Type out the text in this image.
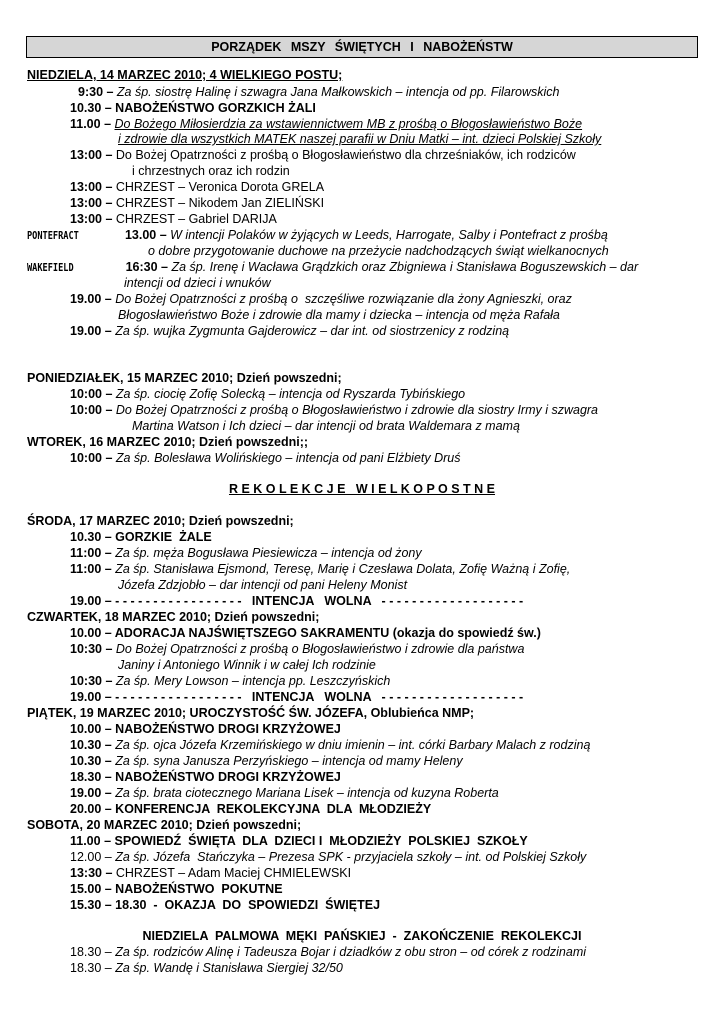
PORZĄDEK MSZY ŚWIĘTYCH I NABOŻEŃSTW
NIEDZIELA, 14 MARZEC 2010; 4 WIELKIEGO POSTU;
9:30 – Za śp. siostrę Halinę i szwagra Jana Małkowskich – intencja od pp. Filarowskich
10.30 – NABOŻEŃSTWO GORZKICH ŻALI
11.00 – Do Bożego Miłosierdzia za wstawiennictwem MB z prośbą o Błogosławieństwo Boże
i zdrowie dla wszystkich MATEK naszej parafii w Dniu Matki – int. dzieci Polskiej Szkoły
13:00 – Do Bożej Opatrzności z prośbą o Błogosławieństwo dla chrześniaków, ich rodziców
i chrzestnych oraz ich rodzin
13:00 – CHRZEST – Veronica Dorota GRELA
13:00 – CHRZEST – Nikodem Jan ZIELIŃSKI
13:00 – CHRZEST – Gabriel DARIJA
PONTEFRACT	13.00 – W intencji Polaków w żyjących w Leeds, Harrogate, Salby i Pontefract z prośbą
o dobre przygotowanie duchowe na przeżycie nadchodzących świąt wielkanocnych
WAKEFIELD	16:30 – Za śp. Irenę i Wacława Grądzkich oraz Zbigniewa i Stanisława Boguszewskich – dar
intencji od dzieci i wnuków
19.00 – Do Bożej Opatrzności z prośbą o  szczęśliwe rozwiązanie dla żony Agnieszki, oraz
Błogosławieństwo Boże i zdrowie dla mamy i dziecka – intencja od męża Rafała
19.00 – Za śp. wujka Zygmunta Gajderowicz – dar int. od siostrzenicy z rodziną
PONIEDZIAŁEK, 15 MARZEC 2010; Dzień powszedni;
10:00 – Za śp. ciocię Zofię Solecką – intencja od Ryszarda Tybińskiego
10:00 – Do Bożej Opatrzności z prośbą o Błogosławieństwo i zdrowie dla siostry Irmy i szwagra
Martina Watson i Ich dzieci – dar intencji od brata Waldemara z mamą
WTOREK, 16 MARZEC 2010; Dzień powszedni;;
10:00 – Za śp. Bolesława Wolińskiego – intencja od pani Elżbiety Druś
R E K O L E K C J E   W I E L K O P O S T N E
ŚRODA, 17 MARZEC 2010; Dzień powszedni;
10.30 – GORZKIE  ŻALE
11:00 – Za śp. męża Bogusława Piesiewicza – intencja od żony
11:00 – Za śp. Stanisława Ejsmond, Teresę, Marię i Czesława Dolata, Zofię Ważną i Zofię,
Józefa Zdzjobło – dar intencji od pani Heleny Monist
19.00 – - - - - - - - - - - - - - - - - -   INTENCJA   WOLNA   - - - - - - - - - - - - - - - - - - -
CZWARTEK, 18 MARZEC 2010; Dzień powszedni;
10.00 – ADORACJA NAJŚWIĘTSZEGO SAKRAMENTU (okazja do spowiedź św.)
10:30 – Do Bożej Opatrzności z prośbą o Błogosławieństwo i zdrowie dla państwa
Janiny i Antoniego Winnik i w całej Ich rodzinie
10:30 – Za śp. Mery Lowson – intencja pp. Leszczyńskich
19.00 – - - - - - - - - - - - - - - - - -   INTENCJA   WOLNA   - - - - - - - - - - - - - - - - - - -
PIĄTEK, 19 MARZEC 2010; UROCZYSTOŚĆ ŚW. JÓZEFA, Oblubieńca NMP;
10.00 – NABOŻEŃSTWO DROGI KRZYŻOWEJ
10.30 – Za śp. ojca Józefa Krzemińskiego w dniu imienin – int. córki Barbary Malach z rodziną
10.30 – Za śp. syna Janusza Perzyńskiego – intencja od mamy Heleny
18.30 – NABOŻEŃSTWO DROGI KRZYŻOWEJ
19.00 – Za śp. brata ciotecznego Mariana Lisek – intencja od kuzyna Roberta
20.00 – KONFERENCJA  REKOLEKCYJNA  DLA  MŁODZIEŻY
SOBOTA, 20 MARZEC 2010; Dzień powszedni;
11.00 – SPOWIEDŹ  ŚWIĘTA  DLA  DZIECI I  MŁODZIEŻY  POLSKIEJ  SZKOŁY
12.00 – Za śp. Józefa  Stańczyka – Prezesa SPK - przyjaciela szkoły – int. od Polskiej Szkoły
13:30 – CHRZEST – Adam Maciej CHMIELEWSKI
15.00 – NABOŻEŃSTWO  POKUTNE
15.30 – 18.30  -  OKAZJA  DO  SPOWIEDZI  ŚWIĘTEJ
NIEDZIELA  PALMOWA  MĘKI  PAŃSKIEJ  -  ZAKOŃCZENIE  REKOLEKCJI
18.30 – Za śp. rodziców Alinę i Tadeusza Bojar i dziadków z obu stron – od córek z rodzinami
18.30 – Za śp. Wandę i Stanisława Siergiej 32/50
